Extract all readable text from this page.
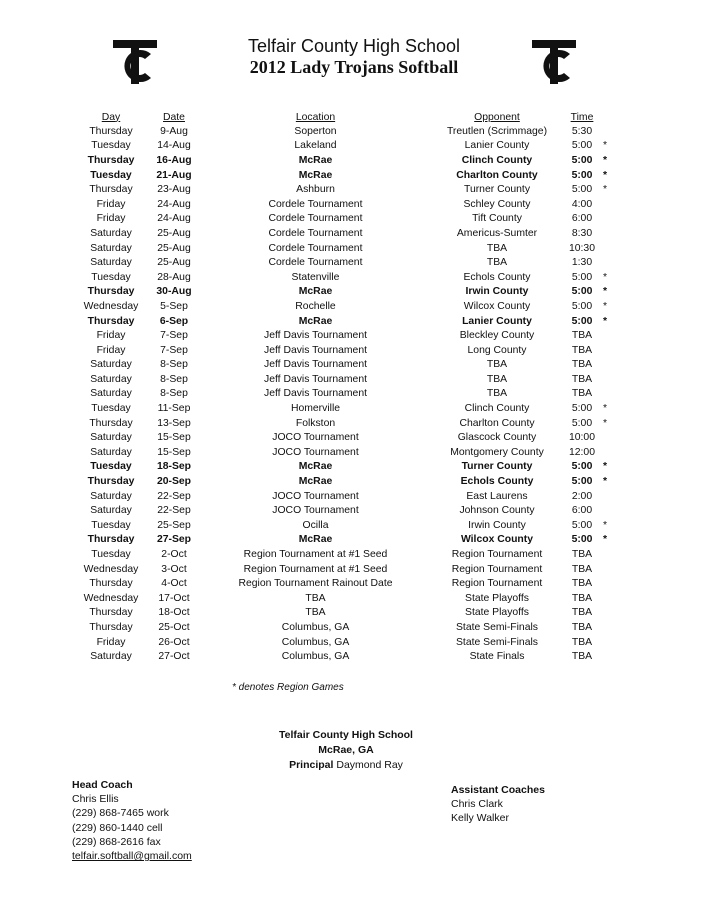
Telfair County High School
2012 Lady Trojans Softball
Day	Date	Location	Opponent	Time	
Thursday	9-Aug	Soperton	Treutlen (Scrimmage)	5:30	
Tuesday	14-Aug	Lakeland	Lanier County	5:00	*
Thursday	16-Aug	McRae	Clinch County	5:00	*
Tuesday	21-Aug	McRae	Charlton County	5:00	*
Thursday	23-Aug	Ashburn	Turner County	5:00	*
Friday	24-Aug	Cordele Tournament	Schley County	4:00	
Friday	24-Aug	Cordele Tournament	Tift County	6:00	
Saturday	25-Aug	Cordele Tournament	Americus-Sumter	8:30	
Saturday	25-Aug	Cordele Tournament	TBA	10:30	
Saturday	25-Aug	Cordele Tournament	TBA	1:30	
Tuesday	28-Aug	Statenville	Echols County	5:00	*
Thursday	30-Aug	McRae	Irwin County	5:00	*
Wednesday	5-Sep	Rochelle	Wilcox County	5:00	*
Thursday	6-Sep	McRae	Lanier County	5:00	*
Friday	7-Sep	Jeff Davis Tournament	Bleckley County	TBA	
Friday	7-Sep	Jeff Davis Tournament	Long County	TBA	
Saturday	8-Sep	Jeff Davis Tournament	TBA	TBA	
Saturday	8-Sep	Jeff Davis Tournament	TBA	TBA	
Saturday	8-Sep	Jeff Davis Tournament	TBA	TBA	
Tuesday	11-Sep	Homerville	Clinch County	5:00	*
Thursday	13-Sep	Folkston	Charlton County	5:00	*
Saturday	15-Sep	JOCO Tournament	Glascock County	10:00	
Saturday	15-Sep	JOCO Tournament	Montgomery County	12:00	
Tuesday	18-Sep	McRae	Turner County	5:00	*
Thursday	20-Sep	McRae	Echols County	5:00	*
Saturday	22-Sep	JOCO Tournament	East Laurens	2:00	
Saturday	22-Sep	JOCO Tournament	Johnson County	6:00	
Tuesday	25-Sep	Ocilla	Irwin County	5:00	*
Thursday	27-Sep	McRae	Wilcox County	5:00	*
Tuesday	2-Oct	Region Tournament at #1 Seed	Region Tournament	TBA	
Wednesday	3-Oct	Region Tournament at #1 Seed	Region Tournament	TBA	
Thursday	4-Oct	Region Tournament Rainout Date	Region Tournament	TBA	
Wednesday	17-Oct	TBA	State Playoffs	TBA	
Thursday	18-Oct	TBA	State Playoffs	TBA	
Thursday	25-Oct	Columbus, GA	State Semi-Finals	TBA	
Friday	26-Oct	Columbus, GA	State Semi-Finals	TBA	
Saturday	27-Oct	Columbus, GA	State Finals	TBA	
* denotes Region Games
Telfair County High School
McRae, GA
Principal Daymond Ray
Head Coach
Chris Ellis
(229) 868-7465 work
(229) 860-1440 cell
(229) 868-2616 fax
telfair.softball@gmail.com
Assistant Coaches
Chris Clark
Kelly Walker
